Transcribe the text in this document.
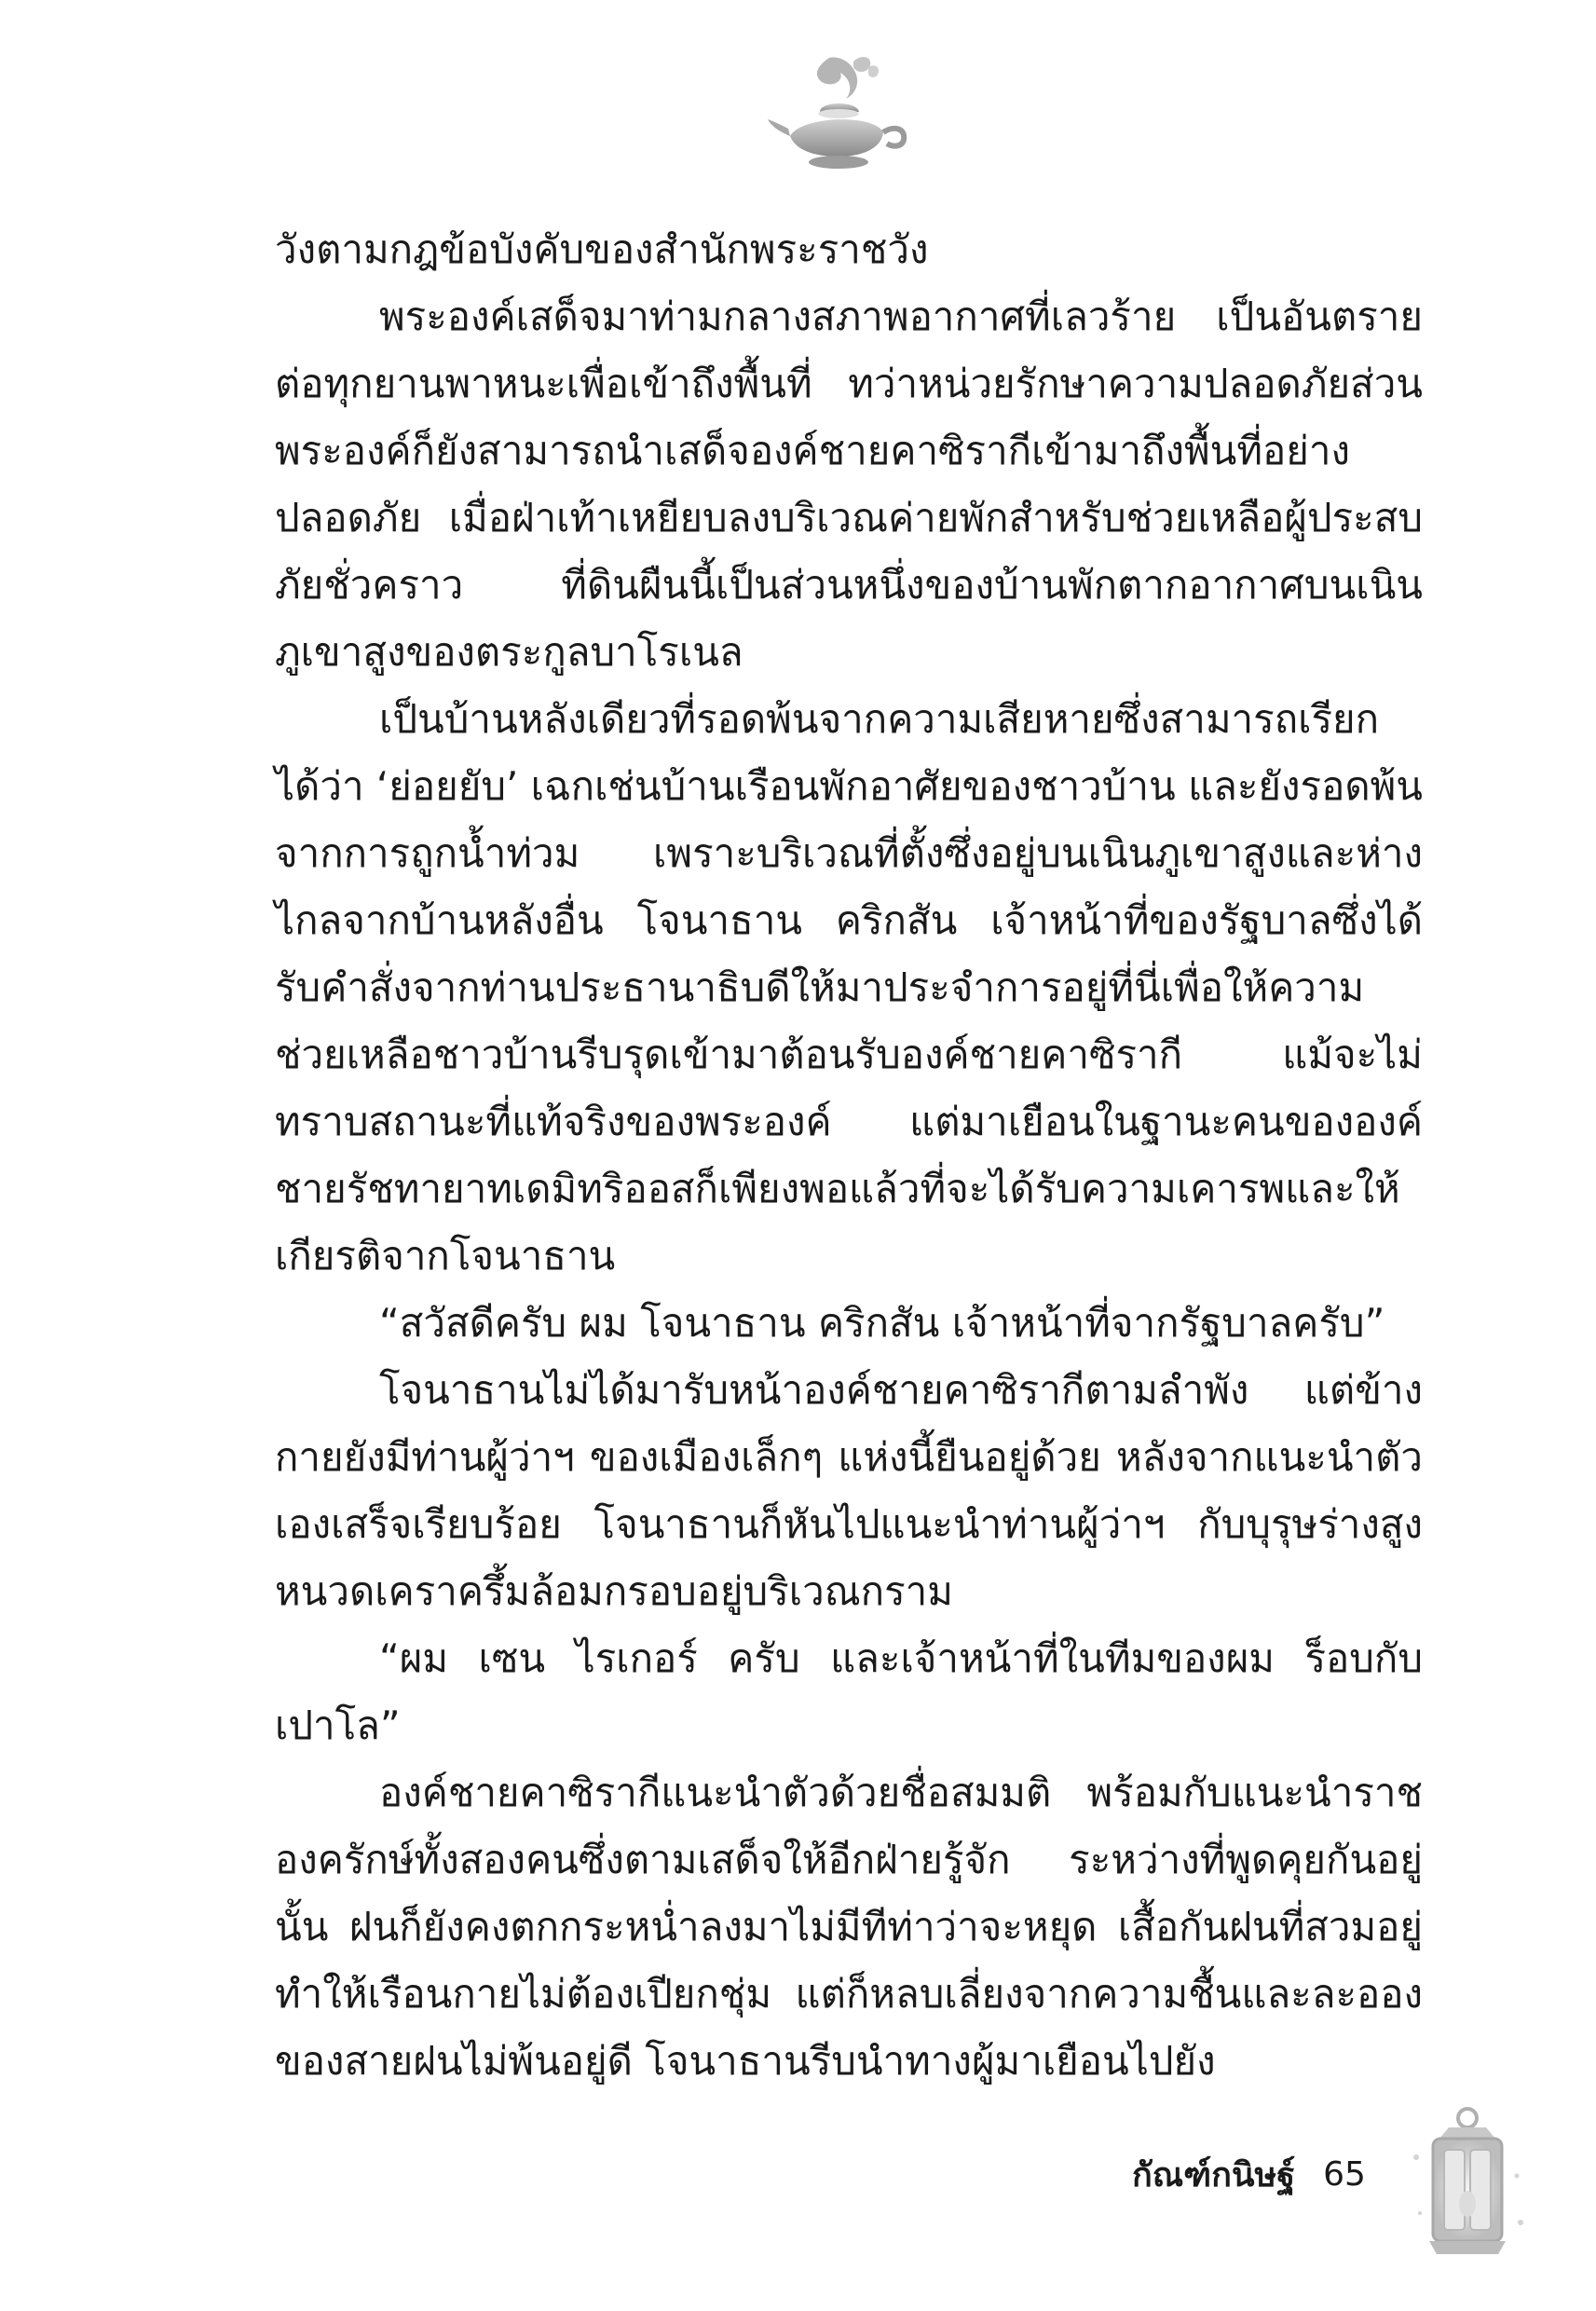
วังตามกฎข้อบังคับของสำนักพระราชวัง

พระองค์เสด็จมาท่ามกลางสภาพอากาศที่เลวร้าย เป็นอันตรายต่อทุกยานพาหนะเพื่อเข้าถึงพื้นที่ ทว่าหน่วยรักษาความปลอดภัยส่วนพระองค์ก็ยังสามารถนำเสด็จองค์ชายคาซิรากีเข้ามาถึงพื้นที่อย่างปลอดภัย เมื่อฝ่าเท้าเหยียบลงบริเวณค่ายพักสำหรับช่วยเหลือผู้ประสบภัยชั่วคราว ที่ดินผืนนี้เป็นส่วนหนึ่งของบ้านพักตากอากาศบนเนินภูเขาสูงของตระกูลบาโรเนล

เป็นบ้านหลังเดียวที่รอดพ้นจากความเสียหายซึ่งสามารถเรียกได้ว่า ‘ย่อยยับ’ เฉกเช่นบ้านเรือนพักอาศัยของชาวบ้าน และยังรอดพ้นจากการถูกน้ำท่วม เพราะบริเวณที่ตั้งซึ่งอยู่บนเนินภูเขาสูงและห่างไกลจากบ้านหลังอื่น โจนาธาน คริกสัน เจ้าหน้าที่ของรัฐบาลซึ่งได้รับคำสั่งจากท่านประธานาธิบดีให้มาประจำการอยู่ที่นี่เพื่อให้ความช่วยเหลือชาวบ้านรีบรุดเข้ามาต้อนรับองค์ชายคาซิรากี แม้จะไม่ทราบสถานะที่แท้จริงของพระองค์ แต่มาเยือนในฐานะคนขององค์ชายรัชทายาทเดมิทริออสก็เพียงพอแล้วที่จะได้รับความเคารพและให้เกียรติจากโจนาธาน

“สวัสดีครับ ผม โจนาธาน คริกสัน เจ้าหน้าที่จากรัฐบาลครับ”

โจนาธานไม่ได้มารับหน้าองค์ชายคาซิรากีตามลำพัง แต่ข้างกายยังมีท่านผู้ว่าฯ ของเมืองเล็กๆ แห่งนี้ยืนอยู่ด้วย หลังจากแนะนำตัวเองเสร็จเรียบร้อย โจนาธานก็หันไปแนะนำท่านผู้ว่าฯ กับบุรุษร่างสูงหนวดเคราครึ้มล้อมกรอบอยู่บริเวณกราม

“ผม เซน ไรเกอร์ ครับ และเจ้าหน้าที่ในทีมของผม ร็อบกับเปาโล”

องค์ชายคาซิรากีแนะนำตัวด้วยชื่อสมมติ พร้อมกับแนะนำราชองครักษ์ทั้งสองคนซึ่งตามเสด็จให้อีกฝ่ายรู้จัก ระหว่างที่พูดคุยกันอยู่นั้น ฝนก็ยังคงตกกระหน่ำลงมาไม่มีทีท่าว่าจะหยุด เสื้อกันฝนที่สวมอยู่ทำให้เรือนกายไม่ต้องเปียกชุ่ม แต่ก็หลบเลี่ยงจากความชื้นและละอองของสายฝนไม่พ้นอยู่ดี โจนาธานรีบนำทางผู้มาเยือนไปยัง

กัณฑ์กนิษฐ์ 65
